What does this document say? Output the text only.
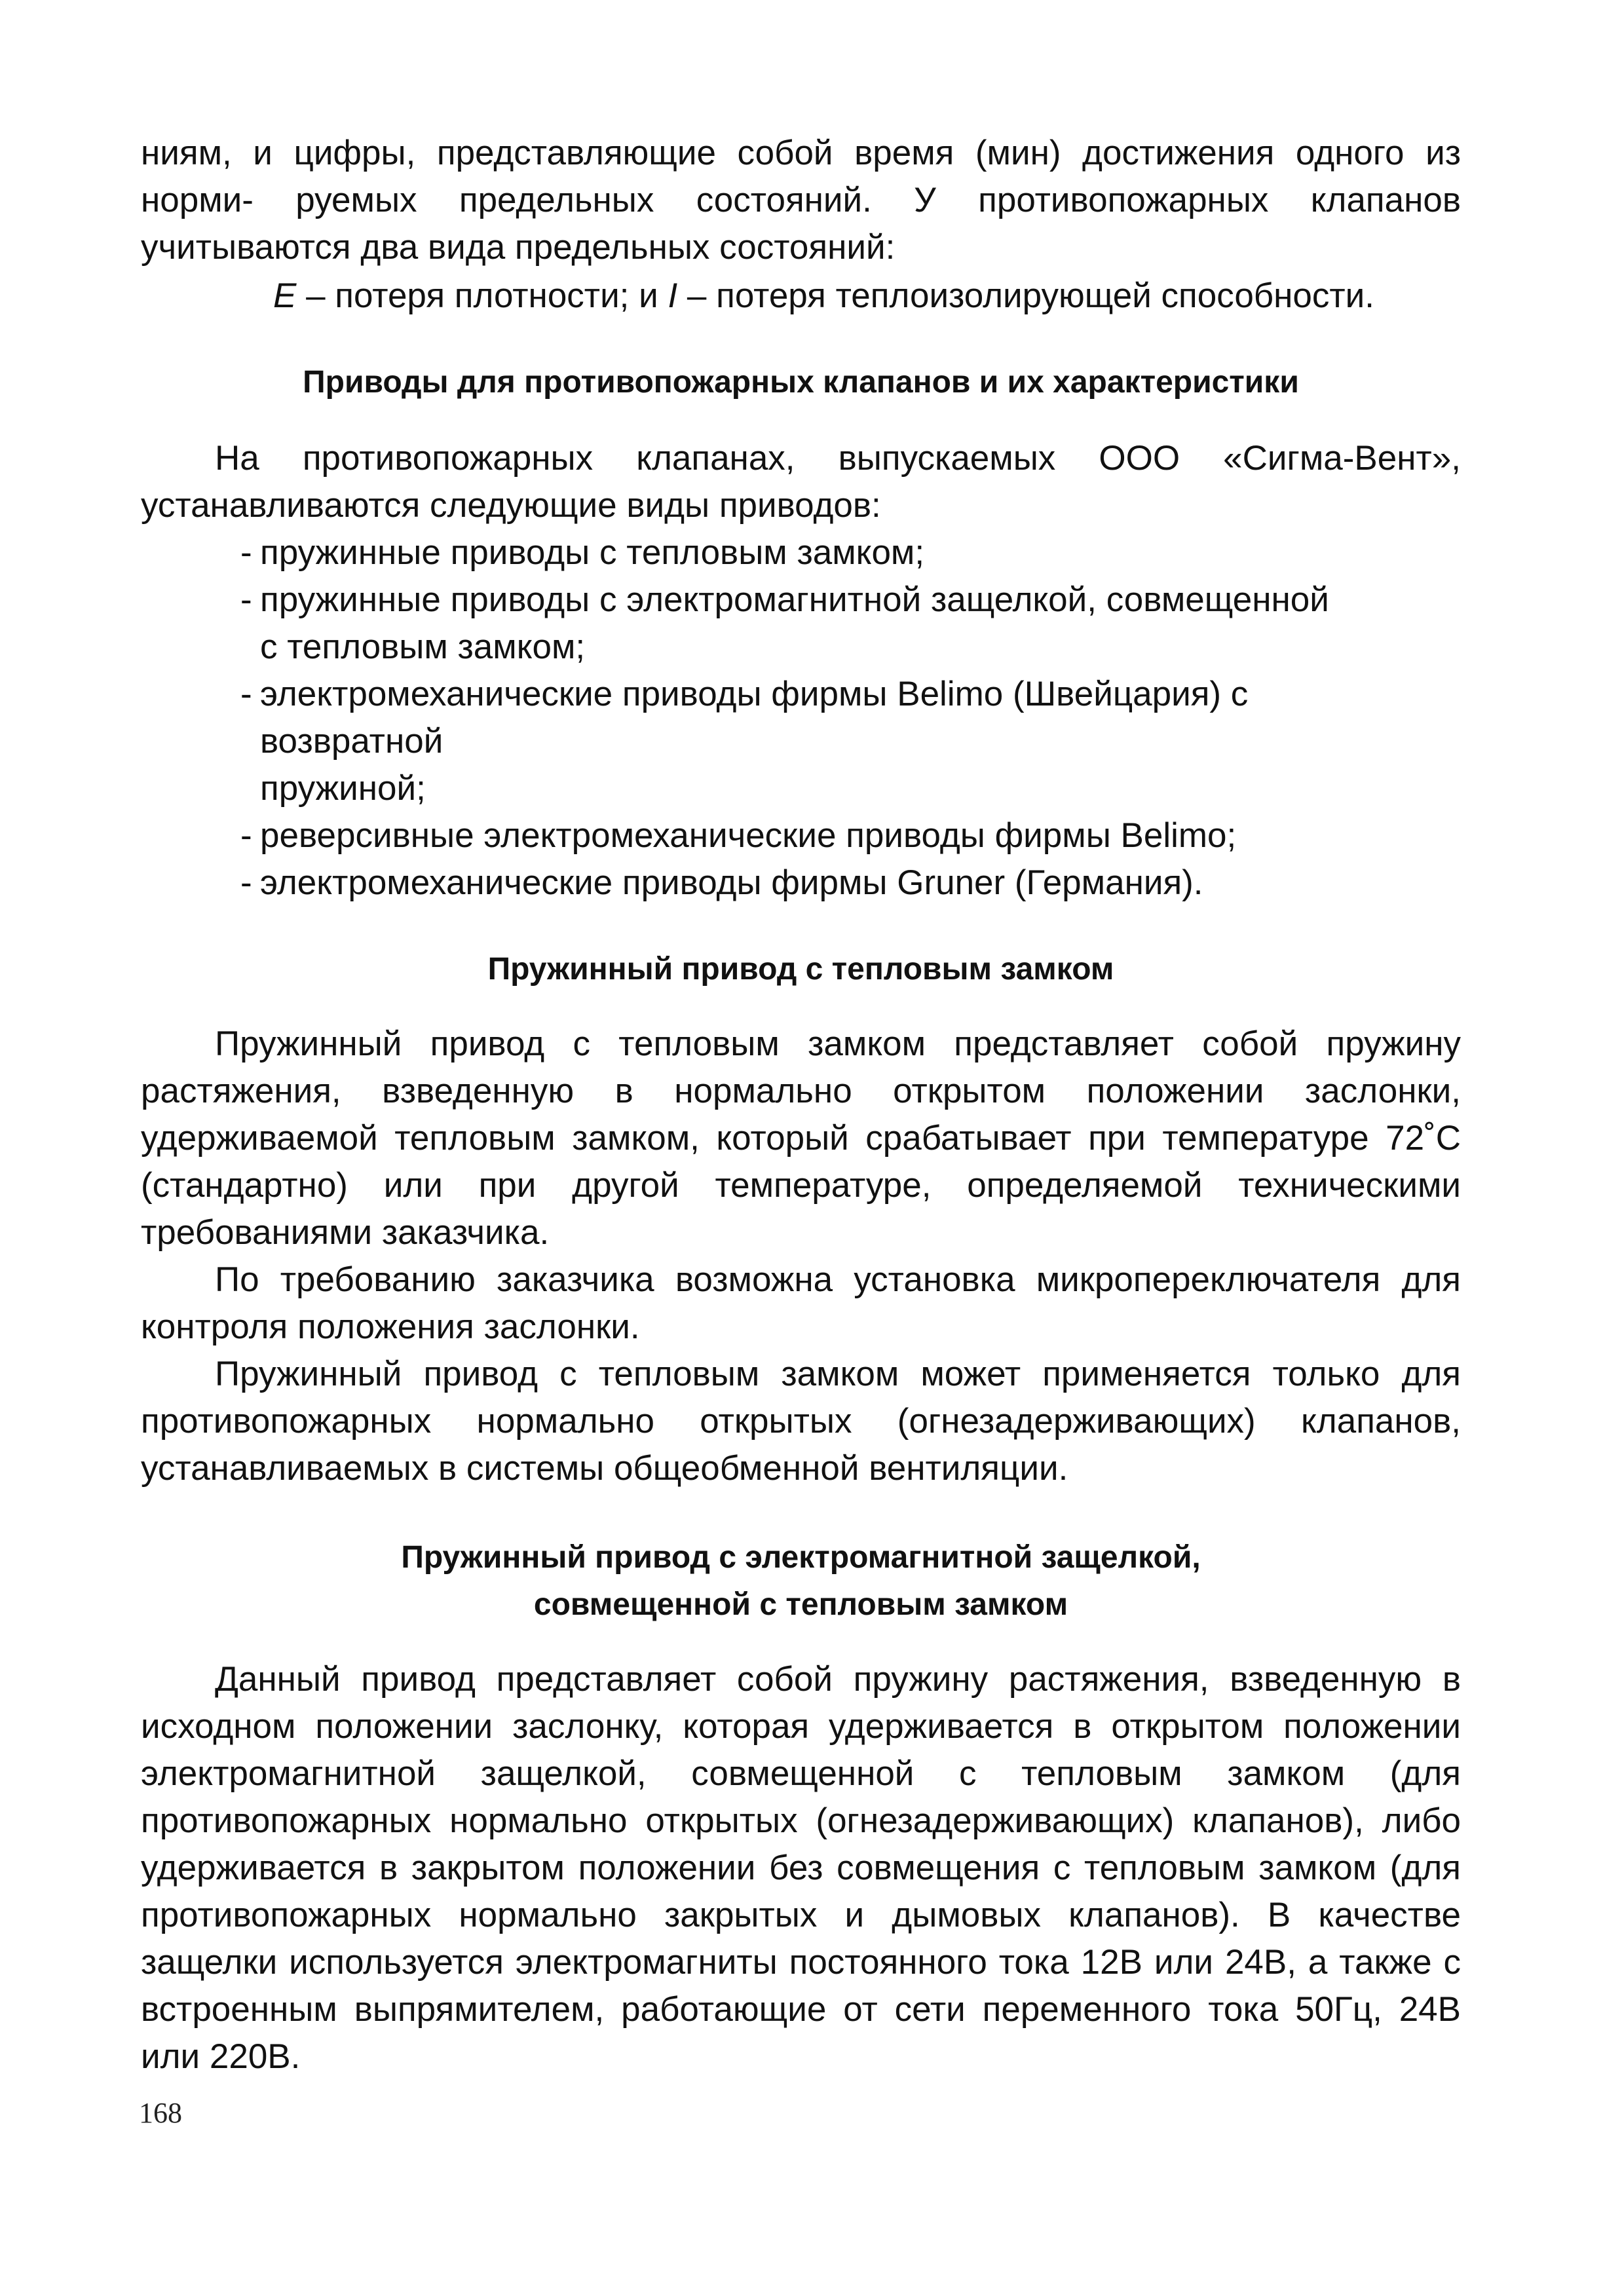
ниям, и цифры, представляющие собой время (мин) достижения одного из норми- руемых предельных состояний. У противопожарных клапанов учитываются два вида предельных состояний:

E – потеря плотности; и I – потеря теплоизолирующей способности.

Приводы для противопожарных клапанов и их характеристики

На противопожарных клапанах, выпускаемых ООО «Сигма-Вент», устанавливаются следующие виды приводов:

- пружинные приводы с тепловым замком;
- пружинные приводы с электромагнитной защелкой, совмещенной
с тепловым замком;
- электромеханические приводы фирмы Belimo (Швейцария) с возвратной
пружиной;
- реверсивные электромеханические приводы фирмы Belimo;
- электромеханические приводы фирмы Gruner (Германия).
Пружинный привод с тепловым замком

Пружинный привод с тепловым замком представляет собой пружину растяжения, взведенную в нормально открытом положении заслонки, удерживаемой тепловым замком, который срабатывает при температуре 72˚С (стандартно) или при другой температуре, определяемой техническими требованиями заказчика.

По требованию заказчика возможна установка микропереключателя для контроля положения заслонки.

Пружинный привод с тепловым замком может применяется только для противопожарных нормально открытых (огнезадерживающих) клапанов, устанавливаемых в системы общеобменной вентиляции.

Пружинный привод с электромагнитной защелкой,
совмещенной с тепловым замком

Данный привод представляет собой пружину растяжения, взведенную в исходном положении заслонку, которая удерживается в открытом положении электромагнитной защелкой, совмещенной с тепловым замком (для противопожарных нормально открытых (огнезадерживающих) клапанов), либо удерживается в закрытом положении без совмещения с тепловым замком (для противопожарных нормально закрытых и дымовых клапанов). В качестве защелки используется электромагниты постоянного тока 12В или 24В, а также с встроенным выпрямителем, работающие от сети переменного тока 50Гц, 24В или 220В.

168
